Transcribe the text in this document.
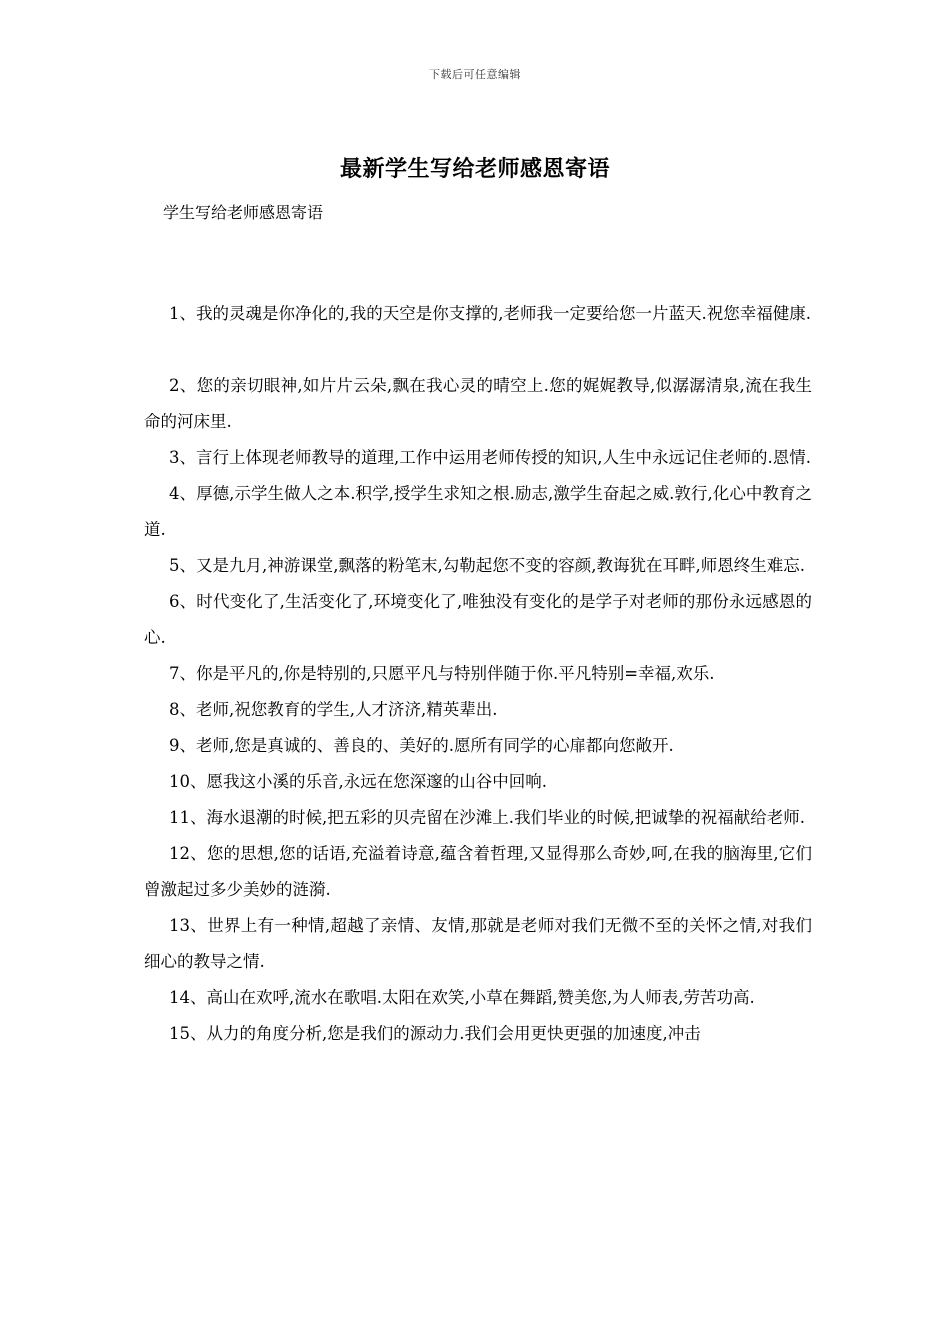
下载后可任意编辑
最新学生写给老师感恩寄语
学生写给老师感恩寄语

1、我的灵魂是你净化的,我的天空是你支撑的,老师我一定要给您一片蓝天.祝您幸福健康.

2、您的亲切眼神,如片片云朵,飘在我心灵的晴空上.您的娓娓教导,似潺潺清泉,流在我生命的河床里.

3、言行上体现老师教导的道理,工作中运用老师传授的知识,人生中永远记住老师的.恩情.

4、厚德,示学生做人之本.积学,授学生求知之根.励志,激学生奋起之威.敦行,化心中教育之道.

5、又是九月,神游课堂,飘落的粉笔末,勾勒起您不变的容颜,教诲犹在耳畔,师恩终生难忘.

6、时代变化了,生活变化了,环境变化了,唯独没有变化的是学子对老师的那份永远感恩的心.

7、你是平凡的,你是特别的,只愿平凡与特别伴随于你.平凡特别=幸福,欢乐.

8、老师,祝您教育的学生,人才济济,精英辈出.

9、老师,您是真诚的、善良的、美好的.愿所有同学的心扉都向您敞开.

10、愿我这小溪的乐音,永远在您深邃的山谷中回响.

11、海水退潮的时候,把五彩的贝壳留在沙滩上.我们毕业的时候,把诚挚的祝福献给老师.

12、您的思想,您的话语,充溢着诗意,蕴含着哲理,又显得那么奇妙,呵,在我的脑海里,它们曾激起过多少美妙的涟漪.

13、世界上有一种情,超越了亲情、友情,那就是老师对我们无微不至的关怀之情,对我们细心的教导之情.

14、高山在欢呼,流水在歌唱.太阳在欢笑,小草在舞蹈,赞美您,为人师表,劳苦功高.

15、从力的角度分析,您是我们的源动力.我们会用更快更强的加速度,冲击
